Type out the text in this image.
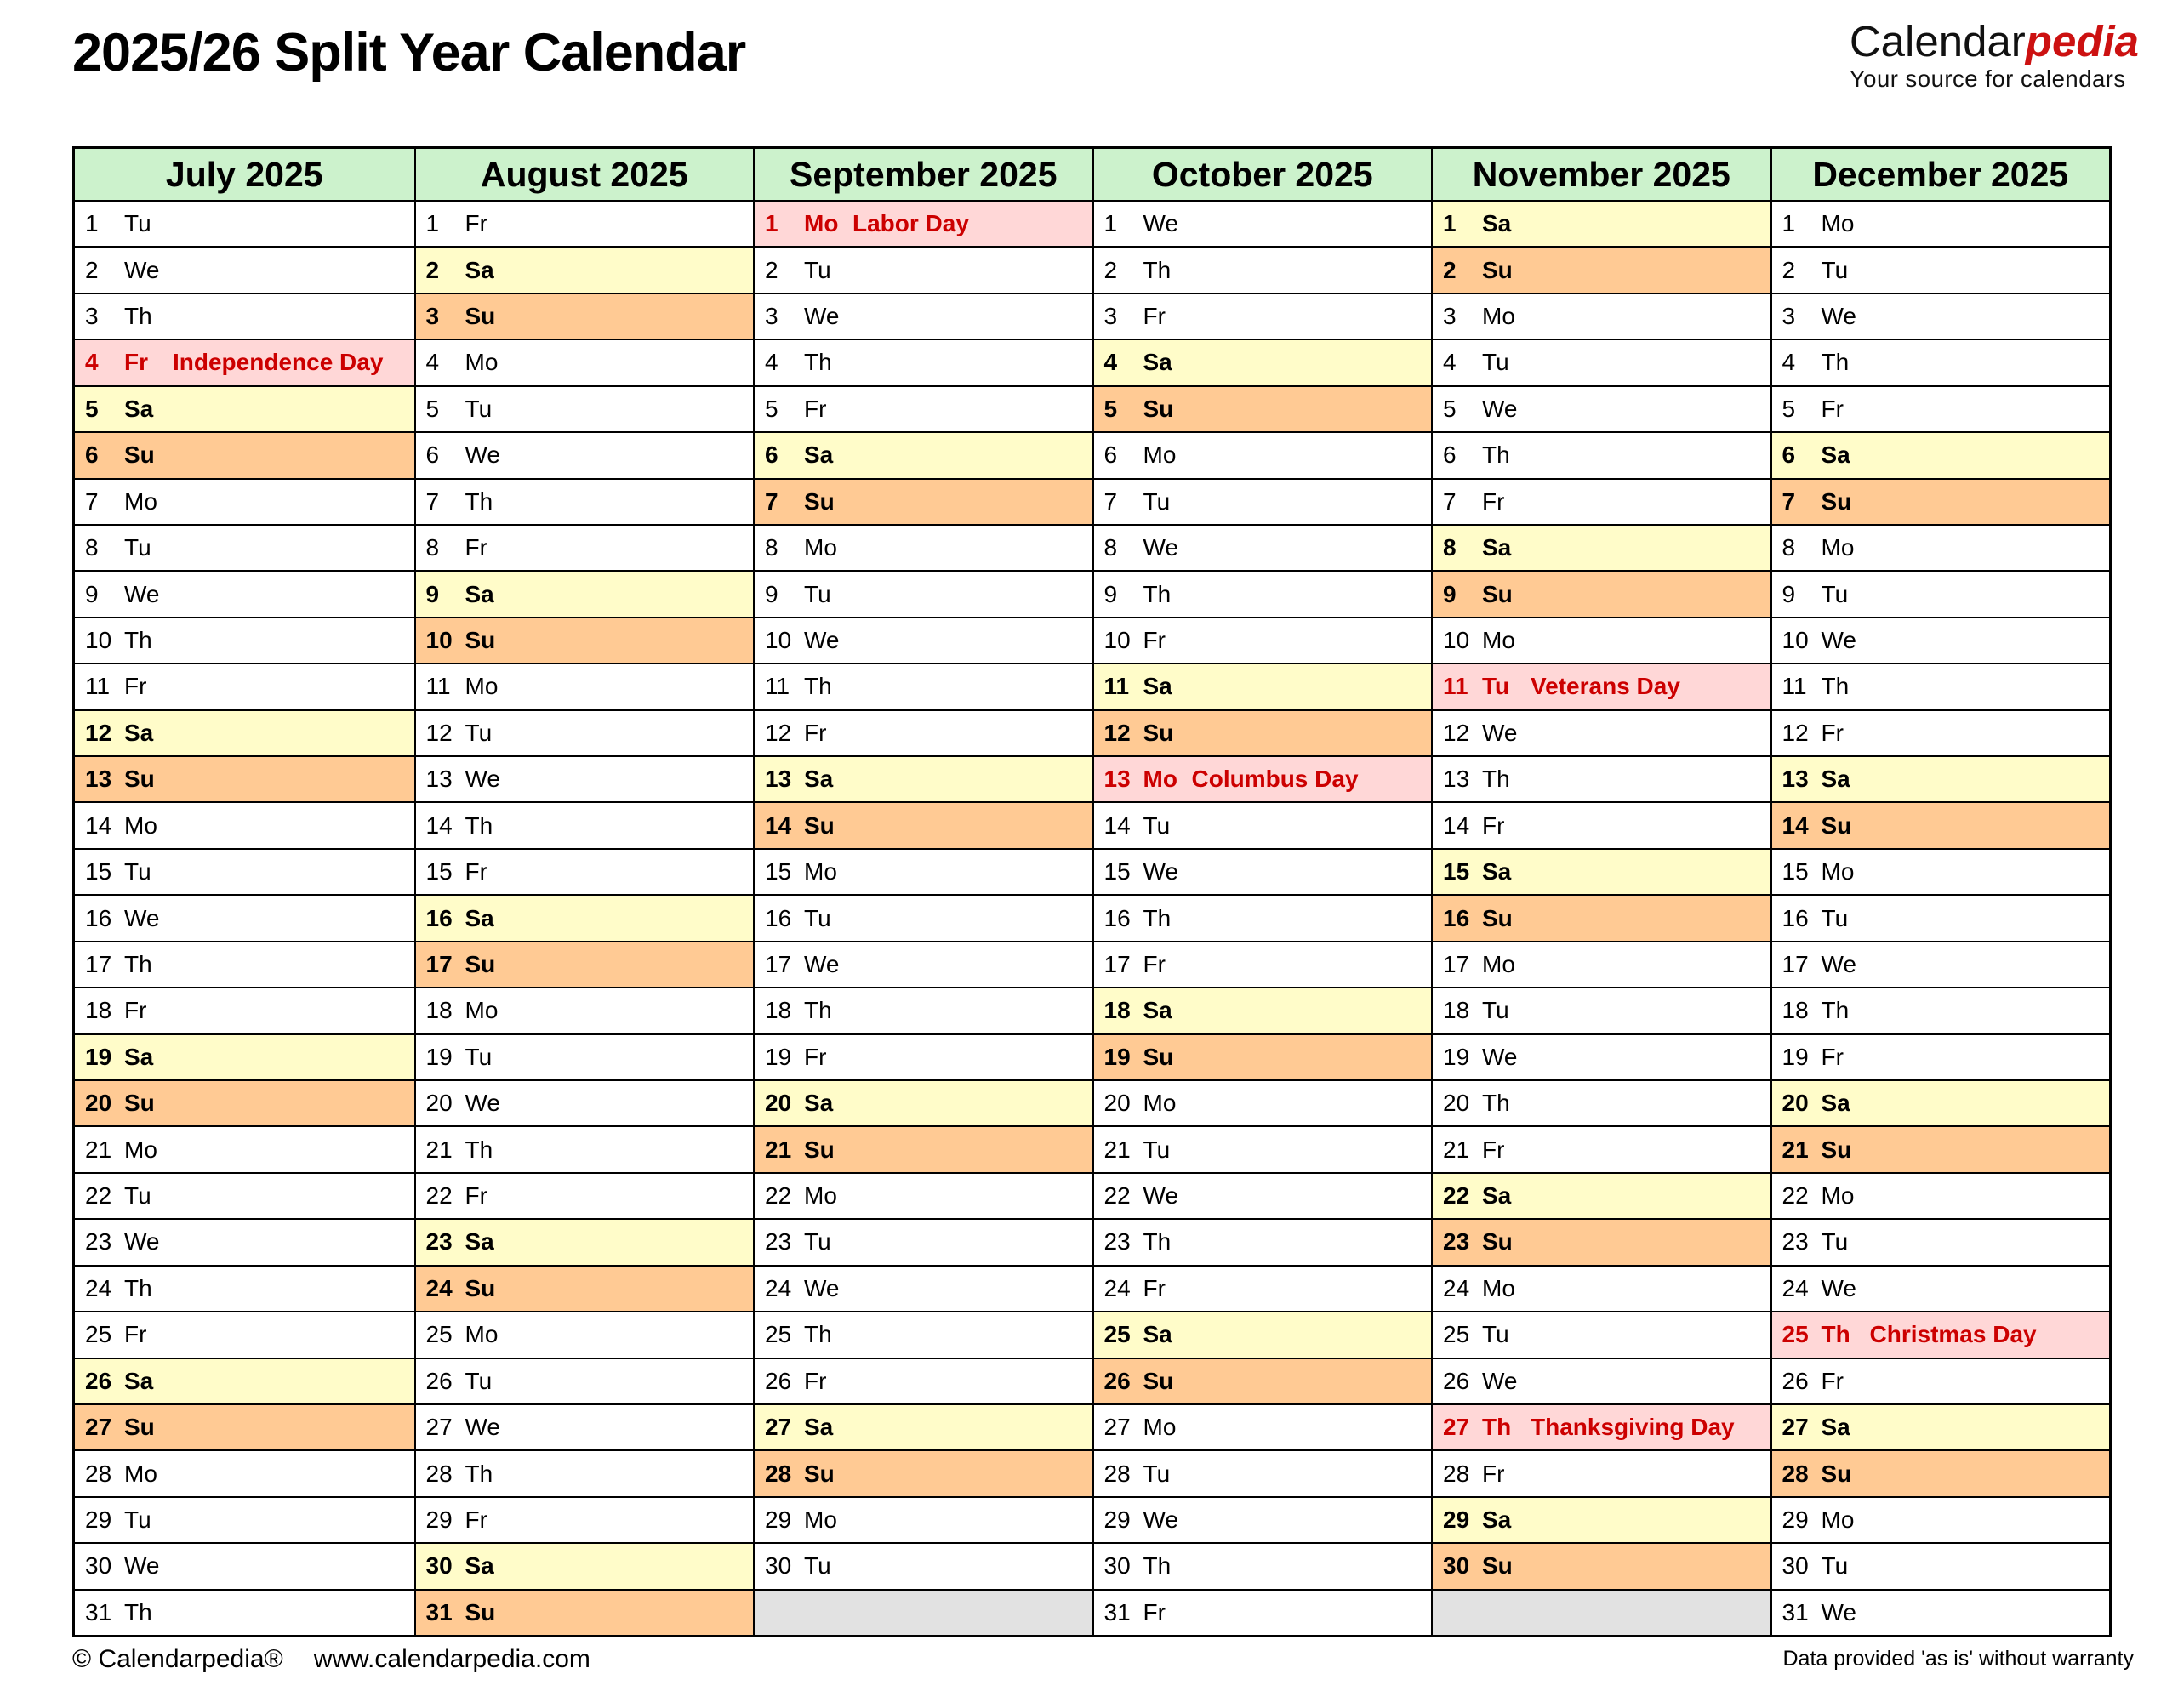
2025/26 Split Year Calendar	Calendarpedia
Your source for calendars
July 2025
1	Tu
2	We
3	Th
4	Fr	Independence Day
5	Sa
6	Su
7	Mo
8	Tu
9	We
10 Th
11 Fr
12 Sa
13 Su
14 Mo
15 Tu
16 We
17 Th
18 Fr
19 Sa
20 Su
21 Mo
22 Tu
23 We
24 Th
25 Fr
26 Sa
27 Su
28 Mo
29 Tu
30 We
31 Th
August 2025
1	Fr
2	Sa
3	Su
4	Mo
5	Tu
6	We
7	Th
8	Fr
9	Sa
10 Su
11 Mo
12 Tu
13 We
14 Th
15 Fr
16 Sa
17 Su
18 Mo
19 Tu
20 We
21 Th
22 Fr
23 Sa
24 Su
25 Mo
26 Tu
27 We
28 Th
29 Fr
30 Sa
31 Su
September 2025
1	Mo Labor Day
2	Tu
3	We
4	Th
5	Fr
6	Sa
7	Su
8	Mo
9	Tu
10 We
11 Th
12 Fr
13 Sa
14 Su
15 Mo
16 Tu
17 We
18 Th
19 Fr
20 Sa
21 Su
22 Mo
23 Tu
24 We
25 Th
26 Fr
27 Sa
28 Su
29 Mo
30 Tu
October 2025
1	We
2	Th
3	Fr
4	Sa
5	Su
6	Mo
7	Tu
8	We
9	Th
10 Fr
11 Sa
12 Su
13 Mo Columbus Day
14 Tu
15 We
16 Th
17 Fr
18 Sa
19 Su
20 Mo
21 Tu
22 We
23 Th
24 Fr
25 Sa
26 Su
27 Mo
28 Tu
29 We
30 Th
31 Fr
November 2025
1	Sa
2	Su
3	Mo
4	Tu
5	We
6	Th
7	Fr
8	Sa
9	Su
10 Mo
11 Tu Veterans Day
12 We
13 Th
14 Fr
15 Sa
16 Su
17 Mo
18 Tu
19 We
20 Th
21 Fr
22 Sa
23 Su
24 Mo
25 Tu
26 We
27 Th Thanksgiving Day
28 Fr
29 Sa
30 Su
December 2025
1	Mo
2	Tu
3	We
4	Th
5	Fr
6	Sa
7	Su
8	Mo
9	Tu
10 We
11 Th
12 Fr
13 Sa
14 Su
15 Mo
16 Tu
17 We
18 Th
19 Fr
20 Sa
21 Su
22 Mo
23 Tu
24 We
25 Th Christmas Day
26 Fr
27 Sa
28 Su
29 Mo
30 Tu
31 We
© Calendarpedia® www.calendarpedia.com	Data provided 'as is' without warranty
